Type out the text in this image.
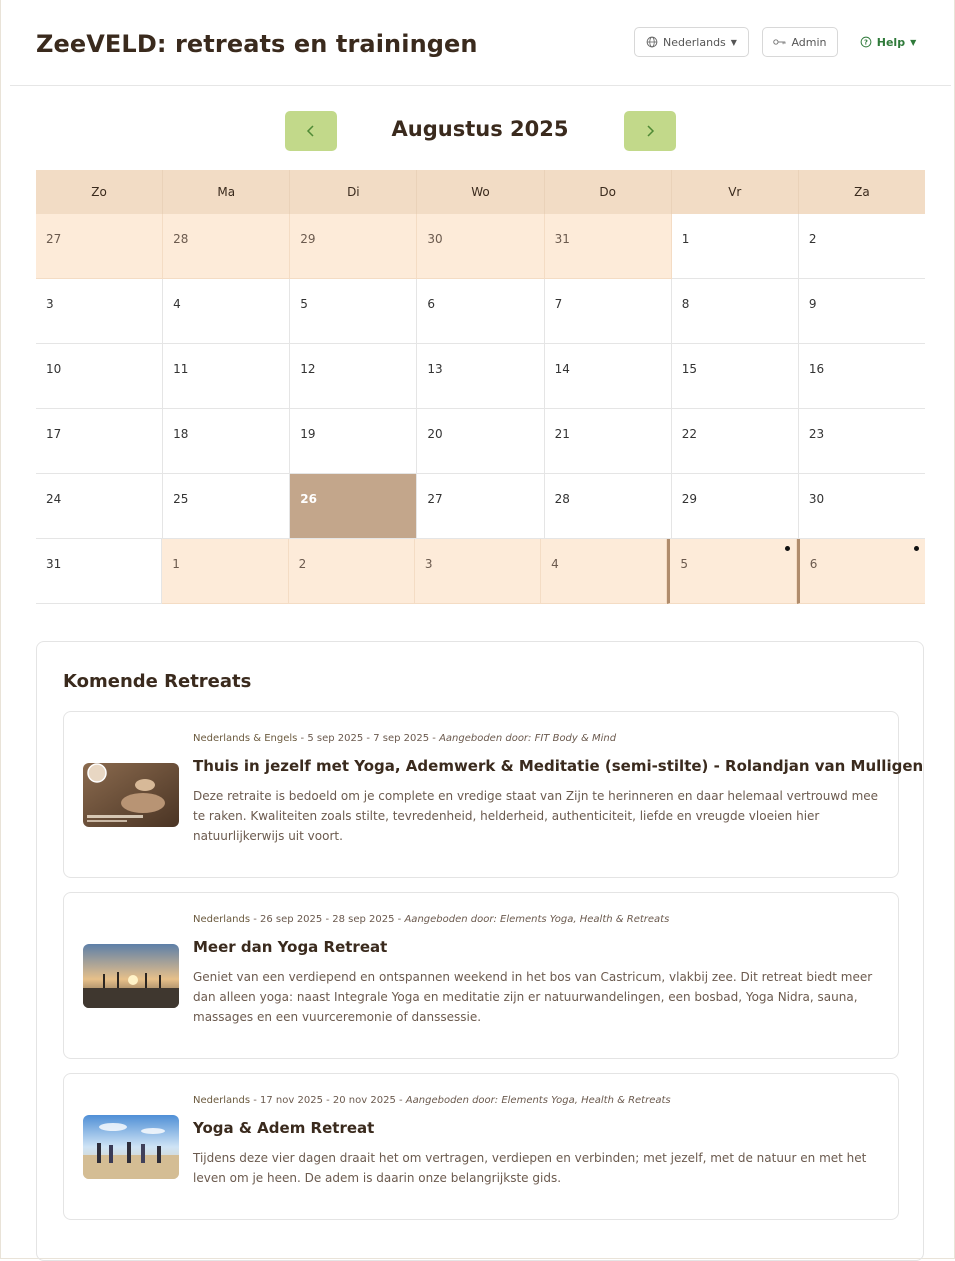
ZeeVELD: retreats en trainingen	Nederlands ▼	Admin	? Help ▼
Augustus 2025
Zo	Ma	Di	Wo	Do	Vr	Za
27	28	29	30	31	1	2
3	4	5	6	7	8	9
10	11	12	13	14	15	16
17	18	19	20	21	22	23
24	25	26	27	28	29	30
31	1	2	3	4	5	6
Komende Retreats
Nederlands & Engels - 5 sep 2025 - 7 sep 2025 - Aangeboden door: FIT Body & Mind
Thuis in jezelf met Yoga, Ademwerk & Meditatie (semi-stilte) - Rolandjan van Mulligen
Deze retraite is bedoeld om je complete en vredige staat van Zijn te herinneren en daar helemaal vertrouwd mee te raken. Kwaliteiten zoals stilte, tevredenheid, helderheid, authenticiteit, liefde en vreugde vloeien hier natuurlijkerwijs uit voort.
Nederlands - 26 sep 2025 - 28 sep 2025 - Aangeboden door: Elements Yoga, Health & Retreats
Meer dan Yoga Retreat
Geniet van een verdiepend en ontspannen weekend in het bos van Castricum, vlakbij zee. Dit retreat biedt meer dan alleen yoga: naast Integrale Yoga en meditatie zijn er natuurwandelingen, een bosbad, Yoga Nidra, sauna, massages en een vuurceremonie of danssessie.
Nederlands - 17 nov 2025 - 20 nov 2025 - Aangeboden door: Elements Yoga, Health & Retreats
Yoga & Adem Retreat
Tijdens deze vier dagen draait het om vertragen, verdiepen en verbinden; met jezelf, met de natuur en met het leven om je heen. De adem is daarin onze belangrijkste gids.
